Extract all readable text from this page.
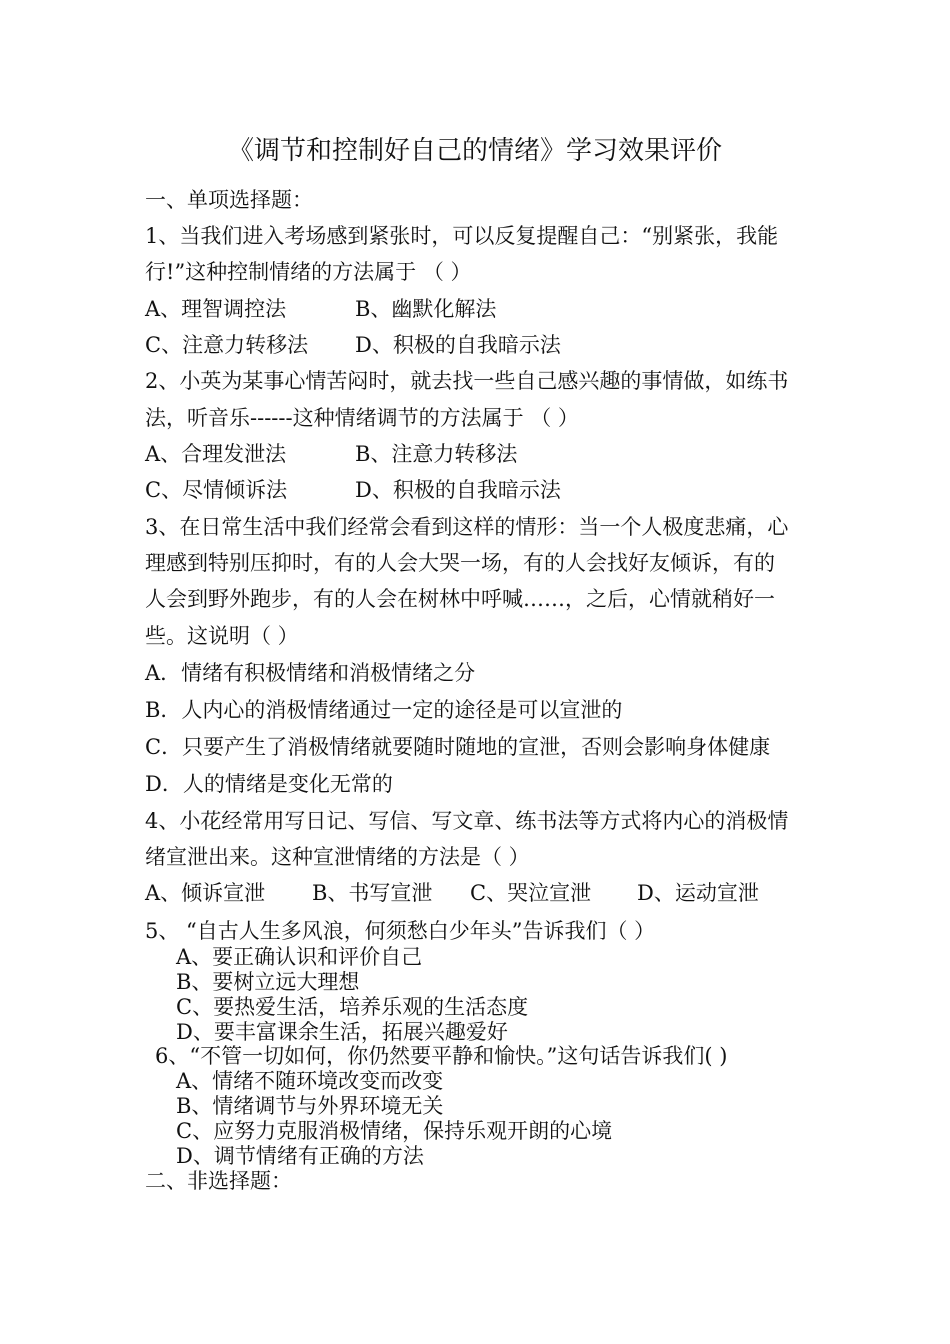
《调节和控制好自己的情绪》学习效果评价
一、单项选择题：
1、当我们进入考场感到紧张时，可以反复提醒自己：“别紧张，我能
行!”这种控制情绪的方法属于 （ ）
A、理智调控法	B、幽默化解法
C、注意力转移法 D、积极的自我暗示法
2、小英为某事心情苦闷时，就去找一些自己感兴趣的事情做，如练书
法，听音乐------这种情绪调节的方法属于 （ ）
A、合理发泄法	B、注意力转移法
C、尽情倾诉法	D、积极的自我暗示法
3、在日常生活中我们经常会看到这样的情形：当一个人极度悲痛，心
理感到特别压抑时，有的人会大哭一场，有的人会找好友倾诉，有的
人会到野外跑步，有的人会在树林中呼喊……，之后，心情就稍好一
些。这说明（ ）
A．情绪有积极情绪和消极情绪之分
B．人内心的消极情绪通过一定的途径是可以宣泄的
C．只要产生了消极情绪就要随时随地的宣泄，否则会影响身体健康
D．人的情绪是变化无常的
4、小花经常用写日记、写信、写文章、练书法等方式将内心的消极情
绪宣泄出来。这种宣泄情绪的方法是（ ）
A、倾诉宣泄 B、书写宣泄 C、哭泣宣泄 D、运动宣泄
5、 “自古人生多风浪，何须愁白少年头”告诉我们（ ）
A、要正确认识和评价自己
B、要树立远大理想
C、要热爱生活，培养乐观的生活态度
D、要丰富课余生活，拓展兴趣爱好
6、“不管一切如何，你仍然要平静和愉快。”这句话告诉我们( )
A、情绪不随环境改变而改变
B、情绪调节与外界环境无关
C、应努力克服消极情绪，保持乐观开朗的心境
D、调节情绪有正确的方法
二、非选择题：
